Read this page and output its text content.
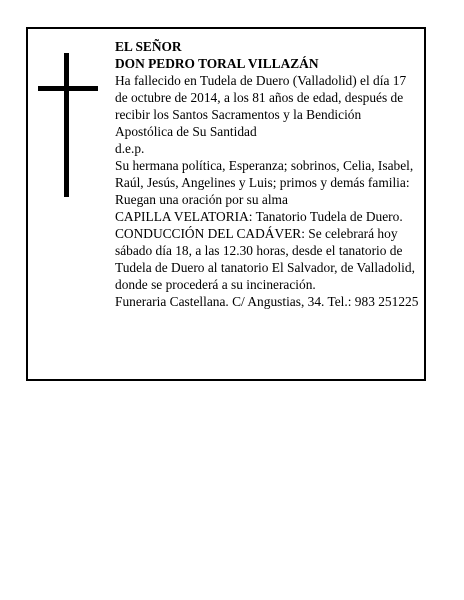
EL SEÑOR

DON PEDRO TORAL VILLAZÁN

Ha fallecido en Tudela de Duero (Valladolid) el día 17 de octubre de 2014, a los 81 años de edad, después de recibir los Santos Sacramentos y la Bendición Apostólica de Su Santidad

d.e.p.

Su hermana política, Esperanza; sobrinos, Celia, Isabel, Raúl, Jesús, Angelines y Luis; primos y demás familia:

Ruegan una oración por su alma

CAPILLA VELATORIA: Tanatorio Tudela de Duero.

CONDUCCIÓN DEL CADÁVER: Se celebrará hoy sábado día 18, a las 12.30 horas, desde el tanatorio de Tudela de Duero al tanatorio El Salvador, de Valladolid, donde se procederá a su incineración.

Funeraria Castellana. C/ Angustias, 34. Tel.: 983 251225
